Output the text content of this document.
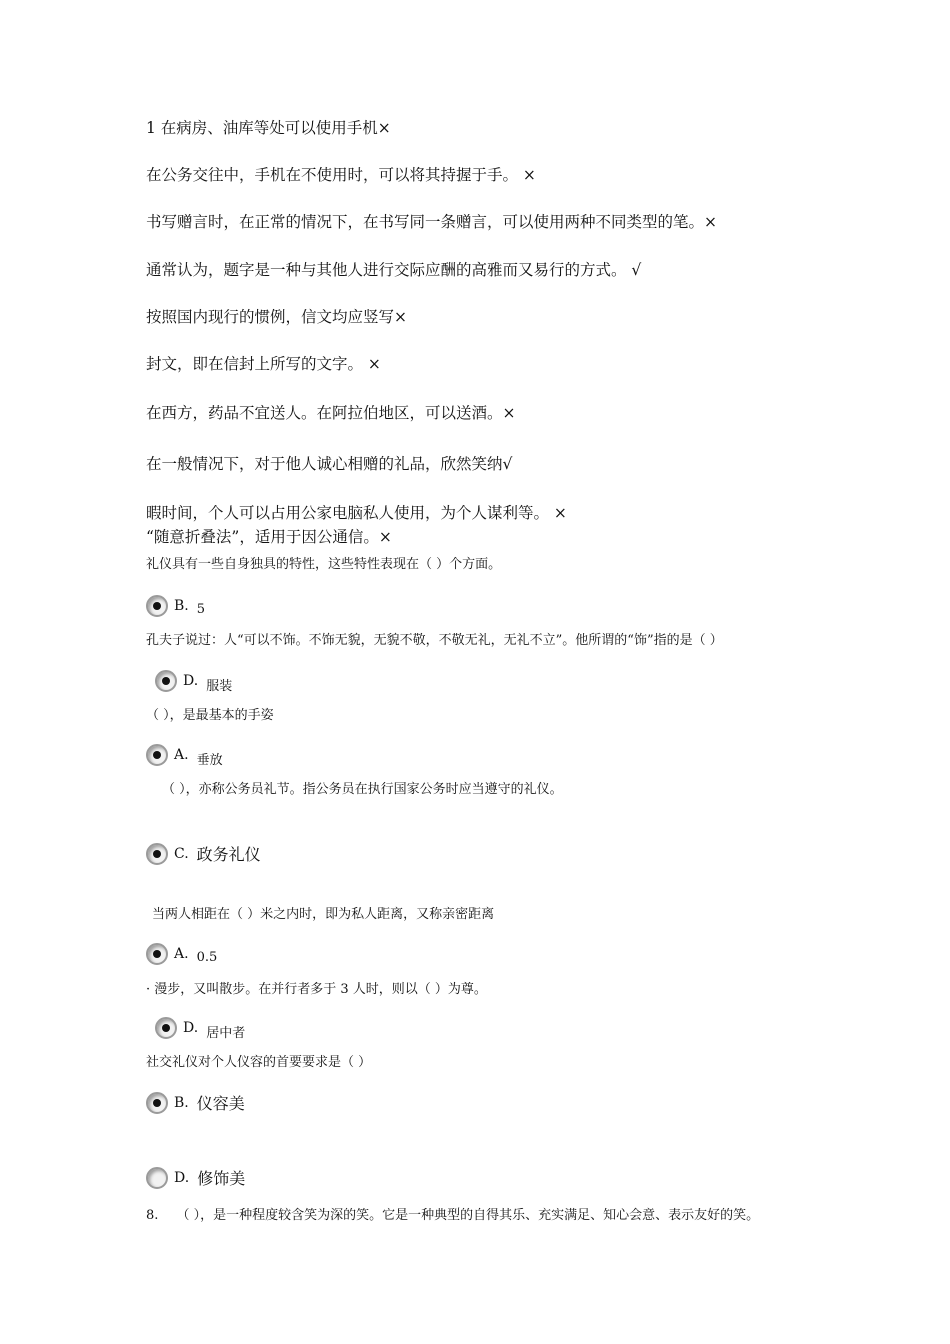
1 在病房、油库等处可以使用手机×
在公务交往中，手机在不使用时，可以将其持握于手。 ×
书写赠言时，在正常的情况下，在书写同一条赠言，可以使用两种不同类型的笔。×
通常认为，题字是一种与其他人进行交际应酬的高雅而又易行的方式。 √
按照国内现行的惯例，信文均应竖写×
封文，即在信封上所写的文字。 ×
在西方，药品不宜送人。在阿拉伯地区，可以送酒。×
在一般情况下，对于他人诚心相赠的礼品，欣然笑纳√
暇时间，个人可以占用公家电脑私人使用，为个人谋利等。 ×
“随意折叠法”，适用于因公通信。×
礼仪具有一些自身独具的特性，这些特性表现在（ ）个方面。
B. 5
孔夫子说过：人“可以不饰。不饰无貌，无貌不敬，不敬无礼，无礼不立”。他所谓的“饰”指的是（ ）
D. 服装
（ ），是最基本的手姿
A. 垂放
（ ），亦称公务员礼节。指公务员在执行国家公务时应当遵守的礼仪。
C. 政务礼仪
当两人相距在（ ）米之内时，即为私人距离，又称亲密距离
A. 0.5
· 漫步，又叫散步。在并行者多于 3 人时，则以（ ）为尊。
D. 居中者
社交礼仪对个人仪容的首要要求是（ ）
B. 仪容美
D. 修饰美
8. （ ），是一种程度较含笑为深的笑。它是一种典型的自得其乐、充实满足、知心会意、表示友好的笑。
